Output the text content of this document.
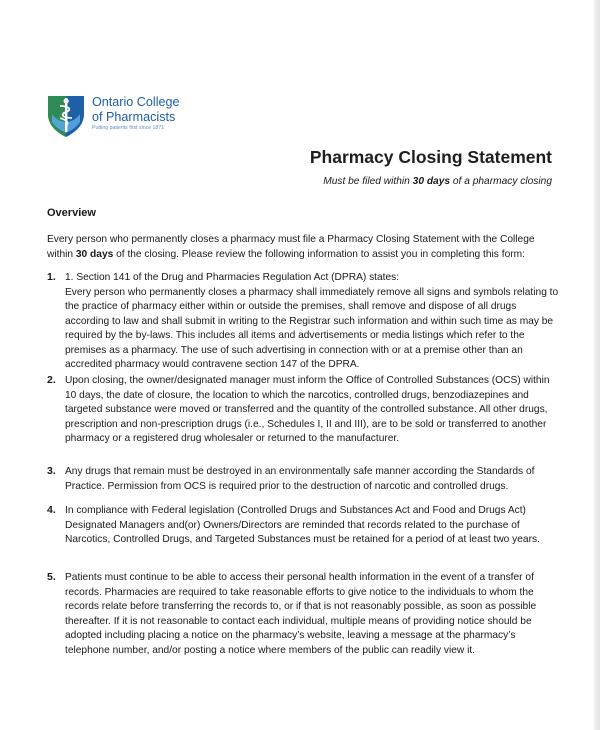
Ontario College
of Pharmacists
Putting patients first since 1871
Pharmacy Closing Statement
Must be filed within 30 days of a pharmacy closing
Overview
Every person who permanently closes a pharmacy must file a Pharmacy Closing Statement with the College within 30 days of the closing. Please review the following information to assist you in completing this form:
1. 1. Section 141 of the Drug and Pharmacies Regulation Act (DPRA) states:
Every person who permanently closes a pharmacy shall immediately remove all signs and symbols relating to the practice of pharmacy either within or outside the premises, shall remove and dispose of all drugs according to law and shall submit in writing to the Registrar such information and within such time as may be required by the by-laws. This includes all items and advertisements or media listings which refer to the premises as a pharmacy. The use of such advertising in connection with or at a premise other than an accredited pharmacy would contravene section 147 of the DPRA.
2. Upon closing, the owner/designated manager must inform the Office of Controlled Substances (OCS) within 10 days, the date of closure, the location to which the narcotics, controlled drugs, benzodiazepines and targeted substance were moved or transferred and the quantity of the controlled substance. All other drugs, prescription and non-prescription drugs (i.e., Schedules I, II and III), are to be sold or transferred to another pharmacy or a registered drug wholesaler or returned to the manufacturer.
3. Any drugs that remain must be destroyed in an environmentally safe manner according the Standards of Practice. Permission from OCS is required prior to the destruction of narcotic and controlled drugs.
4. In compliance with Federal legislation (Controlled Drugs and Substances Act and Food and Drugs Act) Designated Managers and(or) Owners/Directors are reminded that records related to the purchase of Narcotics, Controlled Drugs, and Targeted Substances must be retained for a period of at least two years.
5. Patients must continue to be able to access their personal health information in the event of a transfer of records. Pharmacies are required to take reasonable efforts to give notice to the individuals to whom the records relate before transferring the records to, or if that is not reasonably possible, as soon as possible thereafter. If it is not reasonable to contact each individual, multiple means of providing notice should be adopted including placing a notice on the pharmacy’s website, leaving a message at the pharmacy’s telephone number, and/or posting a notice where members of the public can readily view it.
